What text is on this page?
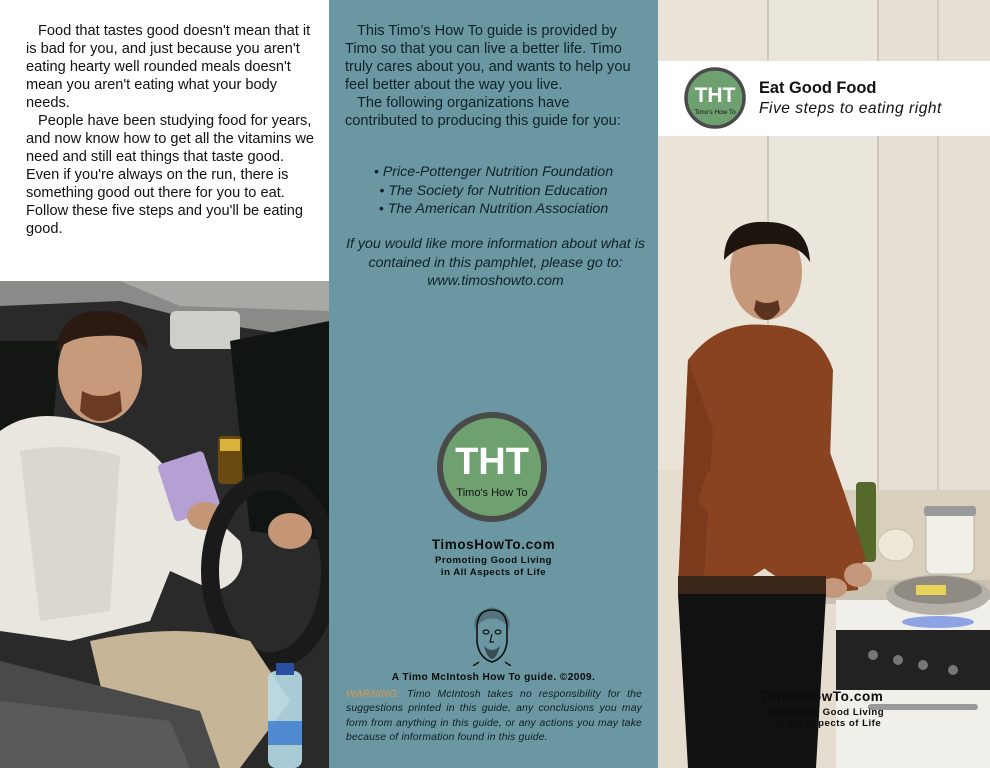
Food that tastes good doesn't mean that it is bad for you, and just because you aren't eating hearty well rounded meals doesn't mean you aren't eating what your body needs.

People have been studying food for years, and now know how to get all the vitamins we need and still eat things that taste good. Even if you're always on the run, there is something good out there for you to eat. Follow these five steps and you'll be eating good.

This Timo’s How To guide is provided by Timo so that you can live a better life. Timo truly cares about you, and wants to help you feel better about the way you live.

The following organizations have contributed to producing this guide for you:

• Price-Pottenger Nutrition Foundation
• The Society for Nutrition Education
• The American Nutrition Association
If you would like more information about what is contained in this pamphlet, please go to: www.timoshowto.com
THT
Timo's How To
TimosHowTo.com
Promoting Good Living
in All Aspects of Life
A Timo McIntosh How To guide. ©2009.
WARNING: Timo McIntosh takes no responsibility for the suggestions printed in this guide, any conclusions you may form from anything in this guide, or any actions you may take because of information found in this guide.
THT
Timo's How To
Eat Good Food
Five steps to eating right
TimosHowTo.com
Promoting Good Living
in All Aspects of Life
